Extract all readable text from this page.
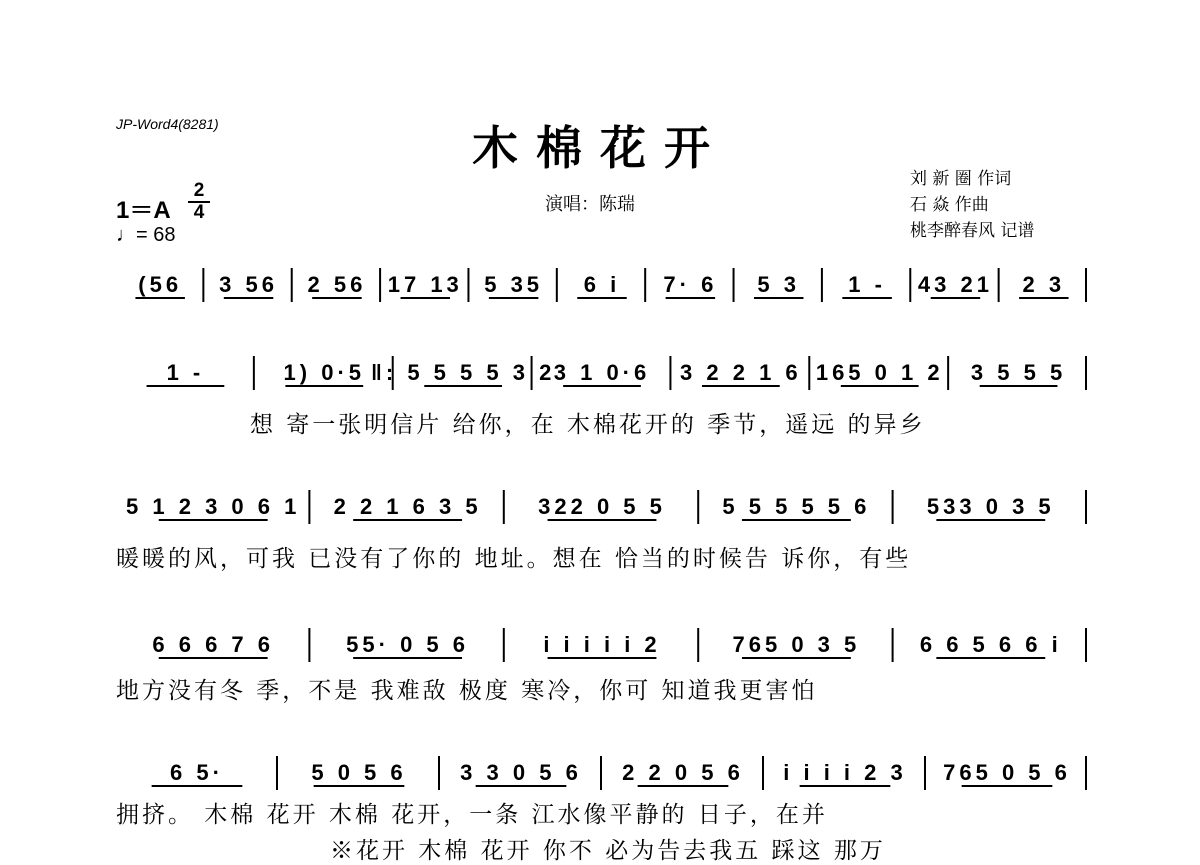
JP-Word4(8281)	木棉花开
演唱：陈瑞
1＝A
2
4
♩= 68
刘 新 圈 作词
石 焱 作曲
桃李醉春风 记谱
(56 3 56 2 56 17 13 5 35 6 i 7· 6 5 3 1 - 43 21 2 3
1 -	1) 0·5 ‖: 5 5 5 5 3 2
3 1 0·6 3 2 2 1 6 165 0 1 2 3 5 5 5
想 寄一张明信片 给你，在 木棉花开的 季节，遥远 的异乡
5 1 2 3 0 6 1 2 2 1 6 3 5	322 0 5 5	5 5 5 5 5 6	533 0 3 5
暖暖的风，可我 已没有了你的 地址。想在 恰当的时候告 诉你，有些
6 6 6 7 6	55· 0 5 6	i i i i i 2	765 0 3 5	6 6 5 6 6 i
地方没有冬 季，不是 我难敌 极度 寒冷，你可 知道我更害怕
6 5·	5 0 5 6 3 3 0 5 6 2 2 0 5 6 i i i i 2 3 765 0 5 6
拥挤。 木棉 花开 木棉 花开，一条 江水像平静的 日子，在并
※花开 木棉 花开 你不 必为告去我五 踩这 那万
